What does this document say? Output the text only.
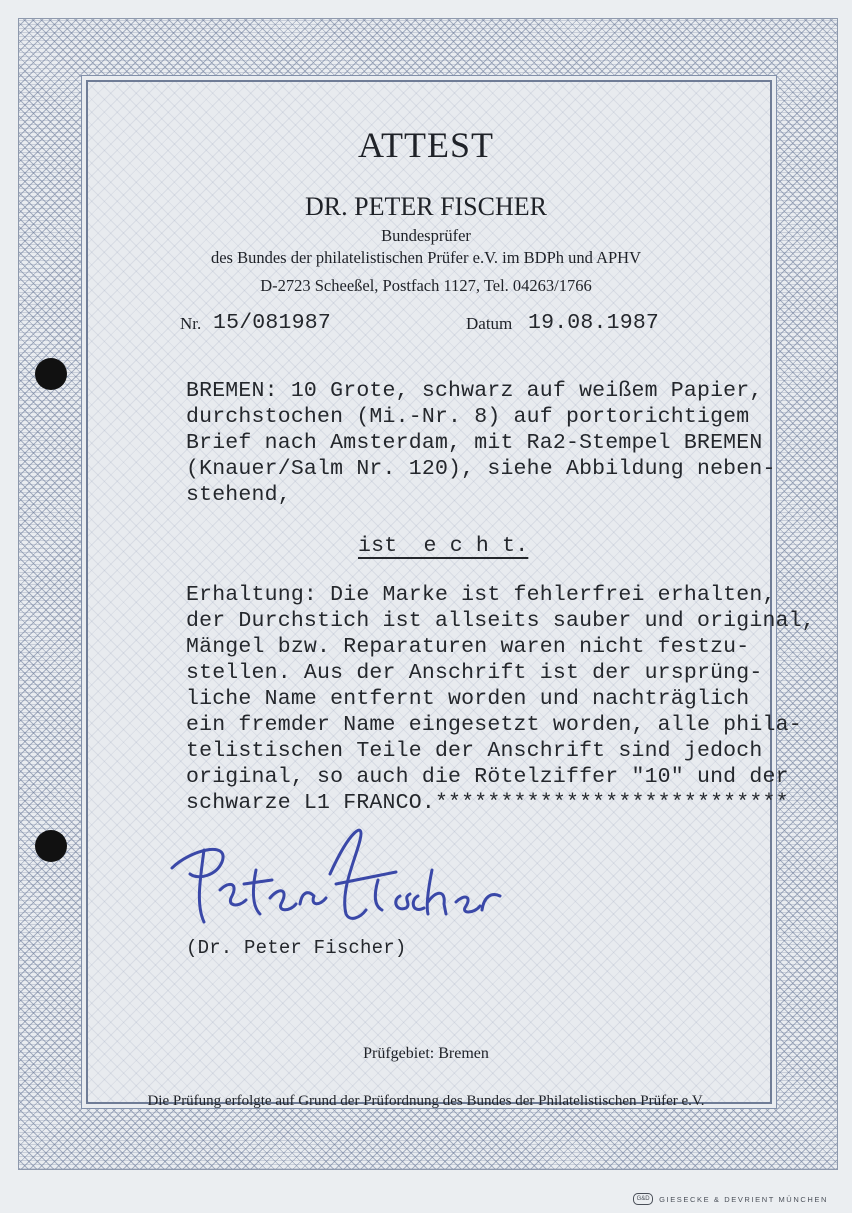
ATTEST
DR. PETER FISCHER
Bundesprüfer
des Bundes der philatelistischen Prüfer e.V. im BDPh und APHV
D-2723 Scheeßel, Postfach 1127, Tel. 04263/1766
Nr. 15/081987	Datum 19.08.1987
BREMEN: 10 Grote, schwarz auf weißem Papier,
durchstochen (Mi.-Nr. 8) auf portorichtigem
Brief nach Amsterdam, mit Ra2-Stempel BREMEN
(Knauer/Salm Nr. 120), siehe Abbildung neben-
stehend,
ist  e c h t.
Erhaltung: Die Marke ist fehlerfrei erhalten,
der Durchstich ist allseits sauber und original,
Mängel bzw. Reparaturen waren nicht festzu-
stellen. Aus der Anschrift ist der ursprüng-
liche Name entfernt worden und nachträglich
ein fremder Name eingesetzt worden, alle phila-
telistischen Teile der Anschrift sind jedoch
original, so auch die Rötelziffer "10" und der
schwarze L1 FRANCO.***************************
(Dr. Peter Fischer)
Prüfgebiet: Bremen
Die Prüfung erfolgte auf Grund der Prüfordnung des Bundes der Philatelistischen Prüfer e.V.
G&D	GIESECKE & DEVRIENT MÜNCHEN
